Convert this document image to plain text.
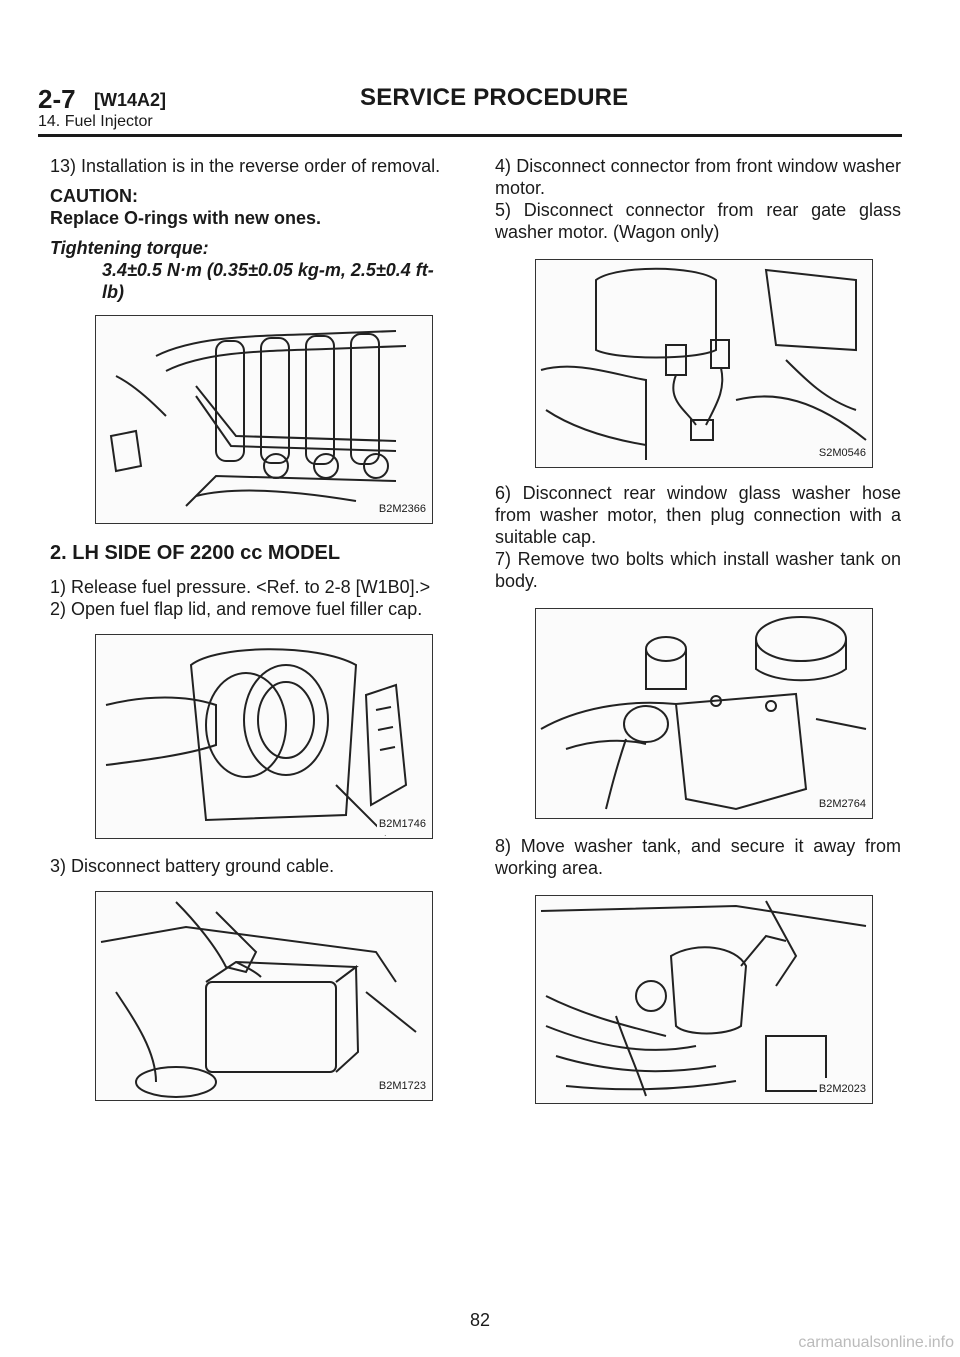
2-7 [W14A2]	SERVICE PROCEDURE
14. Fuel Injector

13) Installation is in the reverse order of removal.

CAUTION:

Replace O-rings with new ones.

Tightening torque:

3.4±0.5 N·m (0.35±0.05 kg-m, 2.5±0.4 ft-lb)

B2M2366

2. LH SIDE OF 2200 cc MODEL

1) Release fuel pressure. <Ref. to 2-8 [W1B0].>

2) Open fuel flap lid, and remove fuel filler cap.

B2M1746

3) Disconnect battery ground cable.

B2M1723

4) Disconnect connector from front window washer motor.

5) Disconnect connector from rear gate glass washer motor. (Wagon only)

S2M0546

6) Disconnect rear window glass washer hose from washer motor, then plug connection with a suitable cap.

7) Remove two bolts which install washer tank on body.

B2M2764

8) Move washer tank, and secure it away from working area.

B2M2023
82
carmanualsonline.info
